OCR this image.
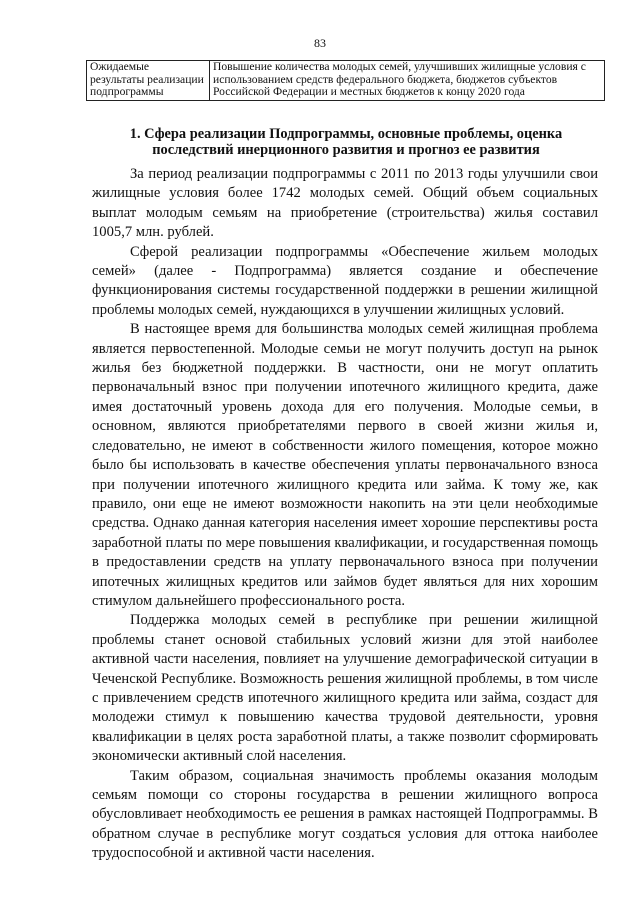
83
Ожидаемые результаты реализации подпрограммы	Повышение количества молодых семей, улучшивших жилищные условия с использованием средств федерального бюджета, бюджетов субъектов Российской Федерации и местных бюджетов к концу 2020 года
1. Сфера реализации Подпрограммы, основные проблемы, оценка последствий инерционного развития и прогноз ее развития

За период реализации подпрограммы с 2011 по 2013 годы улучшили свои жилищные условия более 1742 молодых семей. Общий объем социальных выплат молодым семьям на приобретение (строительства) жилья составил 1005,7 млн. рублей.

Сферой реализации подпрограммы «Обеспечение жильем молодых семей» (далее - Подпрограмма) является создание и обеспечение функционирования системы государственной поддержки в решении жилищной проблемы молодых семей, нуждающихся в улучшении жилищных условий.

В настоящее время для большинства молодых семей жилищная проблема является первостепенной. Молодые семьи не могут получить доступ на рынок жилья без бюджетной поддержки. В частности, они не могут оплатить первоначальный взнос при получении ипотечного жилищного кредита, даже имея достаточный уровень дохода для его получения. Молодые семьи, в основном, являются приобретателями первого в своей жизни жилья и, следовательно, не имеют в собственности жилого помещения, которое можно было бы использовать в качестве обеспечения уплаты первоначального взноса при получении ипотечного жилищного кредита или займа. К тому же, как правило, они еще не имеют возможности накопить на эти цели необходимые средства. Однако данная категория населения имеет хорошие перспективы роста заработной платы по мере повышения квалификации, и государственная помощь в предоставлении средств на уплату первоначального взноса при получении ипотечных жилищных кредитов или займов будет являться для них хорошим стимулом дальнейшего профессионального роста.

Поддержка молодых семей в республике при решении жилищной проблемы станет основой стабильных условий жизни для этой наиболее активной части населения, повлияет на улучшение демографической ситуации в Чеченской Республике. Возможность решения жилищной проблемы, в том числе с привлечением средств ипотечного жилищного кредита или займа, создаст для молодежи стимул к повышению качества трудовой деятельности, уровня квалификации в целях роста заработной платы, а также позволит сформировать экономически активный слой населения.

Таким образом, социальная значимость проблемы оказания молодым семьям помощи со стороны государства в решении жилищного вопроса обусловливает необходимость ее решения в рамках настоящей Подпрограммы. В обратном случае в республике могут создаться условия для оттока наиболее трудоспособной и активной части населения.
